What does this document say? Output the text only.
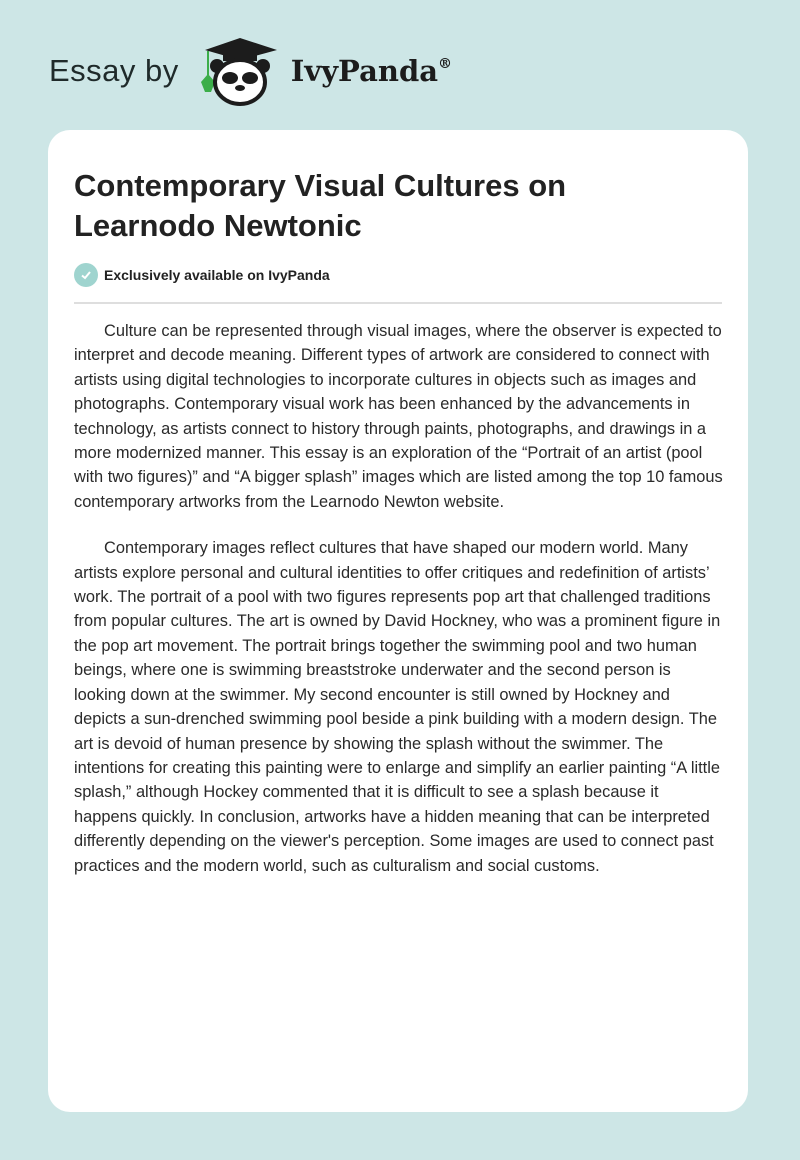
Essay by	IvyPanda®
Contemporary Visual Cultures on Learnodo Newtonic
Exclusively available on IvyPanda

Culture can be represented through visual images, where the observer is expected to interpret and decode meaning. Different types of artwork are considered to connect with artists using digital technologies to incorporate cultures in objects such as images and photographs. Contemporary visual work has been enhanced by the advancements in technology, as artists connect to history through paints, photographs, and drawings in a more modernized manner. This essay is an exploration of the “Portrait of an artist (pool with two figures)” and “A bigger splash” images which are listed among the top 10 famous contemporary artworks from the Learnodo Newton website.

Contemporary images reflect cultures that have shaped our modern world. Many artists explore personal and cultural identities to offer critiques and redefinition of artists’ work. The portrait of a pool with two figures represents pop art that challenged traditions from popular cultures. The art is owned by David Hockney, who was a prominent figure in the pop art movement. The portrait brings together the swimming pool and two human beings, where one is swimming breaststroke underwater and the second person is looking down at the swimmer. My second encounter is still owned by Hockney and depicts a sun-drenched swimming pool beside a pink building with a modern design. The art is devoid of human presence by showing the splash without the swimmer. The intentions for creating this painting were to enlarge and simplify an earlier painting “A little splash,” although Hockey commented that it is difficult to see a splash because it happens quickly. In conclusion, artworks have a hidden meaning that can be interpreted differently depending on the viewer's perception. Some images are used to connect past practices and the modern world, such as culturalism and social customs.
